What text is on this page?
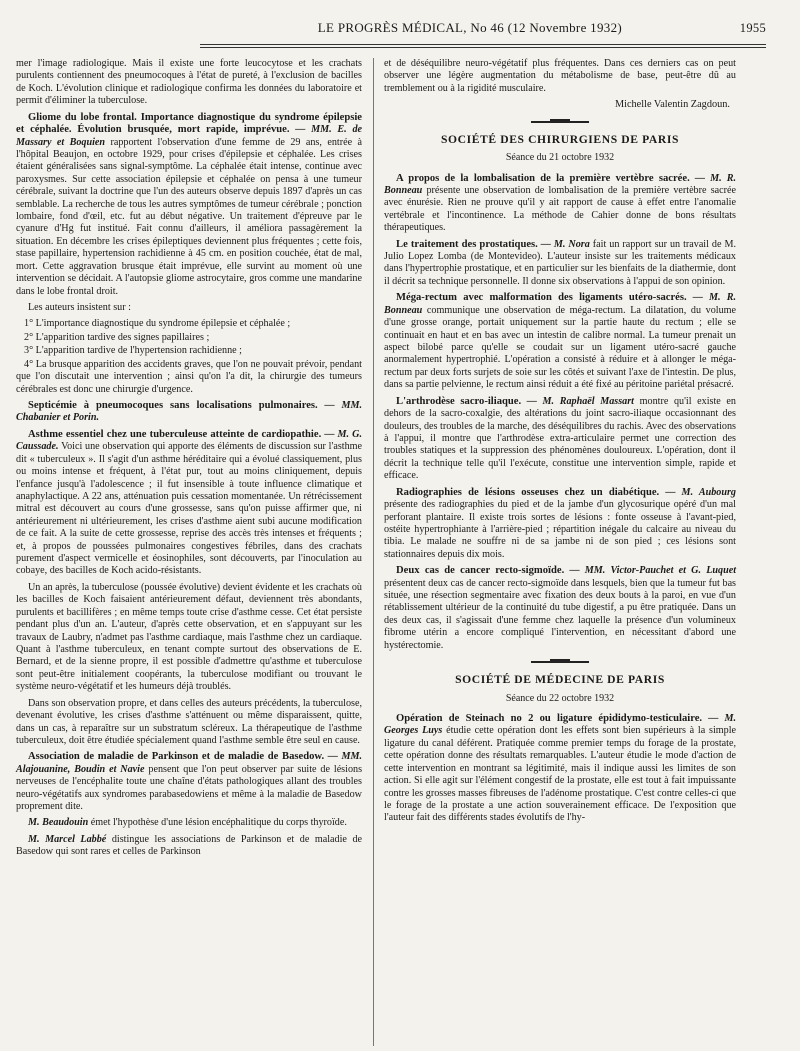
LE PROGRÈS MÉDICAL, No 46 (12 Novembre 1932)	1955

mer l'image radiologique. Mais il existe une forte leucocytose et les crachats purulents contiennent des pneumocoques à l'état de pureté, à l'exclusion de bacilles de Koch. L'évolution clinique et radiologique confirma les données du laboratoire et permit d'éliminer la tuberculose.

Gliome du lobe frontal. Importance diagnostique du syndrome épilepsie et céphalée. Évolution brusquée, mort rapide, imprévue. — MM. E. de Massary et Boquien rapportent l'observation d'une femme de 29 ans, entrée à l'hôpital Beaujon, en octobre 1929, pour crises d'épilepsie et céphalée. Les crises étaient généralisées sans signal-symptôme. La céphalée était intense, continue avec paroxysmes. Sur cette association épilepsie et céphalée on pensa à une tumeur cérébrale, suivant la doctrine que l'un des auteurs observe depuis 1897 d'après un cas semblable. La recherche de tous les autres symptômes de tumeur cérébrale ; ponction lombaire, fond d'œil, etc. fut au début négative. Un traitement d'épreuve par le cyanure d'Hg fut institué. Fait connu d'ailleurs, il améliora passagèrement la situation. En décembre les crises épileptiques deviennent plus fréquentes ; cette fois, stase papillaire, hypertension rachidienne à 45 cm. en position couchée, état de mal, mort. Cette aggravation brusque était imprévue, elle survint au moment où une intervention se décidait. A l'autopsie gliome astrocytaire, gros comme une mandarine dans le lobe frontal droit.

Les auteurs insistent sur :

1° L'importance diagnostique du syndrome épilepsie et céphalée ;

2° L'apparition tardive des signes papillaires ;

3° L'apparition tardive de l'hypertension rachidienne ;

4° La brusque apparition des accidents graves, que l'on ne pouvait prévoir, pendant que l'on discutait une intervention ; ainsi qu'on l'a dit, la chirurgie des tumeurs cérébrales est donc une chirurgie d'urgence.

Septicémie à pneumocoques sans localisations pulmonaires. — MM. Chabanier et Porin.

Asthme essentiel chez une tuberculeuse atteinte de cardiopathie. — M. G. Caussade. Voici une observation qui apporte des éléments de discussion sur l'asthme dit « tuberculeux ». Il s'agit d'un asthme héréditaire qui a évolué classiquement, plus ou moins intense et fréquent, à l'état pur, tout au moins cliniquement, depuis l'enfance jusqu'à l'adolescence ; il fut insensible à toute influence climatique et anaphylactique. A 22 ans, atténuation puis cessation momentanée. Un rétrécissement mitral est découvert au cours d'une grossesse, sans qu'on puisse affirmer que, ni antérieurement ni ultérieurement, les crises d'asthme aient subi aucune modification de ce fait. A la suite de cette grossesse, reprise des accès très intenses et fréquents ; et, à propos de poussées pulmonaires congestives fébriles, dans des crachats purement d'aspect vermicelle et éosinophiles, sont découverts, par l'inoculation au cobaye, des bacilles de Koch acido-résistants.

Un an après, la tuberculose (poussée évolutive) devient évidente et les crachats où les bacilles de Koch faisaient antérieurement défaut, deviennent très abondants, purulents et bacillifères ; en même temps toute crise d'asthme cesse. Cet état persiste pendant plus d'un an. L'auteur, d'après cette observation, et en s'appuyant sur les travaux de Laubry, n'admet pas l'asthme cardiaque, mais l'asthme chez un cardiaque. Quant à l'asthme tuberculeux, en tenant compte surtout des observations de E. Bernard, et de la sienne propre, il est possible d'admettre qu'asthme et tuberculose sont peut-être initialement coopérants, la tuberculose modifiant ou trouvant le système neuro-végétatif et les humeurs déjà troublés.

Dans son observation propre, et dans celles des auteurs précédents, la tuberculose, devenant évolutive, les crises d'asthme s'atténuent ou même disparaissent, quitte, dans un cas, à reparaître sur un substratum scléreux. La thérapeutique de l'asthme tuberculeux, doit être étudiée spécialement quand l'asthme semble être seul en cause.

Association de maladie de Parkinson et de maladie de Basedow. — MM. Alajouanine, Boudin et Navie pensent que l'on peut observer par suite de lésions nerveuses de l'encéphalite toute une chaîne d'états pathologiques allant des troubles neuro-végétatifs aux syndromes parabasedowiens et même à la maladie de Basedow proprement dite.

M. Beaudouin émet l'hypothèse d'une lésion encéphalitique du corps thyroïde.

M. Marcel Labbé distingue les associations de Parkinson et de maladie de Basedow qui sont rares et celles de Parkinson

et de déséquilibre neuro-végétatif plus fréquentes. Dans ces derniers cas on peut observer une légère augmentation du métabolisme de base, peut-être dû au tremblement ou à la rigidité musculaire.

Michelle Valentin Zagdoun.
SOCIÉTÉ DES CHIRURGIENS DE PARIS
Séance du 21 octobre 1932

A propos de la lombalisation de la première vertèbre sacrée. — M. R. Bonneau présente une observation de lombalisation de la première vertèbre sacrée avec énurésie. Rien ne prouve qu'il y ait rapport de cause à effet entre l'anomalie vertébrale et l'incontinence. La méthode de Cahier donne de bons résultats thérapeutiques.

Le traitement des prostatiques. — M. Nora fait un rapport sur un travail de M. Julio Lopez Lomba (de Montevideo). L'auteur insiste sur les traitements médicaux dans l'hypertrophie prostatique, et en particulier sur les bienfaits de la diathermie, dont il décrit sa technique personnelle. Il donne six observations à l'appui de son opinion.

Méga-rectum avec malformation des ligaments utéro-sacrés. — M. R. Bonneau communique une observation de méga-rectum. La dilatation, du volume d'une grosse orange, portait uniquement sur la partie haute du rectum ; elle se continuait en haut et en bas avec un intestin de calibre normal. La tumeur prenait un aspect bilobé parce qu'elle se coudait sur un ligament utéro-sacré gauche anormalement hypertrophié. L'opération a consisté à réduire et à allonger le méga-rectum par deux forts surjets de soie sur les côtés et suivant l'axe de l'intestin. De plus, dans sa partie pelvienne, le rectum ainsi réduit a été fixé au péritoine pariétal présacré.

L'arthrodèse sacro-iliaque. — M. Raphaël Massart montre qu'il existe en dehors de la sacro-coxalgie, des altérations du joint sacro-iliaque occasionnant des douleurs, des troubles de la marche, des déséquilibres du rachis. Avec des observations à l'appui, il montre que l'arthrodèse extra-articulaire permet une correction des troubles statiques et la suppression des phénomènes douloureux. L'opération, dont il décrit la technique telle qu'il l'exécute, constitue une intervention simple, rapide et efficace.

Radiographies de lésions osseuses chez un diabétique. — M. Aubourg présente des radiographies du pied et de la jambe d'un glycosurique opéré d'un mal perforant plantaire. Il existe trois sortes de lésions : fonte osseuse à l'avant-pied, ostéite hypertrophiante à l'arrière-pied ; répartition inégale du calcaire au niveau du tibia. Le malade ne souffre ni de sa jambe ni de son pied ; ces lésions sont stationnaires depuis dix mois.

Deux cas de cancer recto-sigmoïde. — MM. Victor-Pauchet et G. Luquet présentent deux cas de cancer recto-sigmoïde dans lesquels, bien que la tumeur fut bas située, une résection segmentaire avec fixation des deux bouts à la paroi, en vue d'un rétablissement ultérieur de la continuité du tube digestif, a pu être pratiquée. Dans un des deux cas, il s'agissait d'une femme chez laquelle la présence d'un volumineux fibrome utérin a encore compliqué l'intervention, en nécessitant d'abord une hystérectomie.

SOCIÉTÉ DE MÉDECINE DE PARIS
Séance du 22 octobre 1932

Opération de Steinach no 2 ou ligature épididymo-testiculaire. — M. Georges Luys étudie cette opération dont les effets sont bien supérieurs à la simple ligature du canal déférent. Pratiquée comme premier temps du forage de la prostate, cette opération donne des résultats remarquables. L'auteur étudie le mode d'action de cette intervention en montrant sa légitimité, mais il indique aussi les limites de son action. Si elle agit sur l'élément congestif de la prostate, elle est tout à fait impuissante contre les grosses masses fibreuses de l'adénome prostatique. C'est contre celles-ci que le forage de la prostate a une action souverainement efficace. De l'exposition que l'auteur fait des différents stades évolutifs de l'hy-
